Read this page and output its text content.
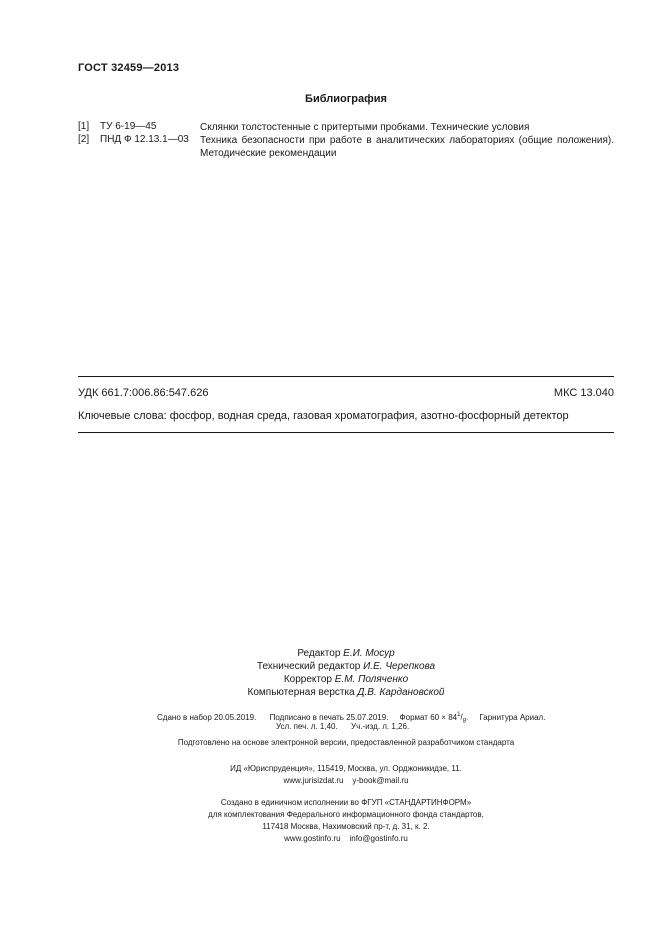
ГОСТ 32459—2013
Библиография
[1] ТУ 6-19—45	Склянки толстостенные с притертыми пробками. Технические условия
[2] ПНД Ф 12.13.1—03 Техника безопасности при работе в аналитических лабораториях (общие положения). Методические рекомендации
УДК 661.7:006.86:547.626	МКС 13.040
Ключевые слова: фосфор, водная среда, газовая хроматография, азотно-фосфорный детектор
Редактор Е.И. Мосур
Технический редактор И.Е. Черепкова
Корректор Е.М. Поляченко
Компьютерная верстка Д.В. Кардановской
Сдано в набор 20.05.2019. Подписано в печать 25.07.2019. Формат $60 \times 84^1/_8$. Гарнитура Ариал.
Усл. печ. л. 1,40. Уч.-изд. л. 1,26.
Подготовлено на основе электронной версии, предоставленной разработчиком стандарта
ИД «Юриспруденция», 115419, Москва, ул. Орджоникидзе, 11.
www.jurisizdat.ru    y-book@mail.ru
Создано в единичном исполнении во ФГУП «СТАНДАРТИНФОРМ»
для комплектования Федерального информационного фонда стандартов,
117418 Москва, Нахимовский пр-т, д. 31, к. 2.
www.gostinfo.ru    info@gostinfo.ru
